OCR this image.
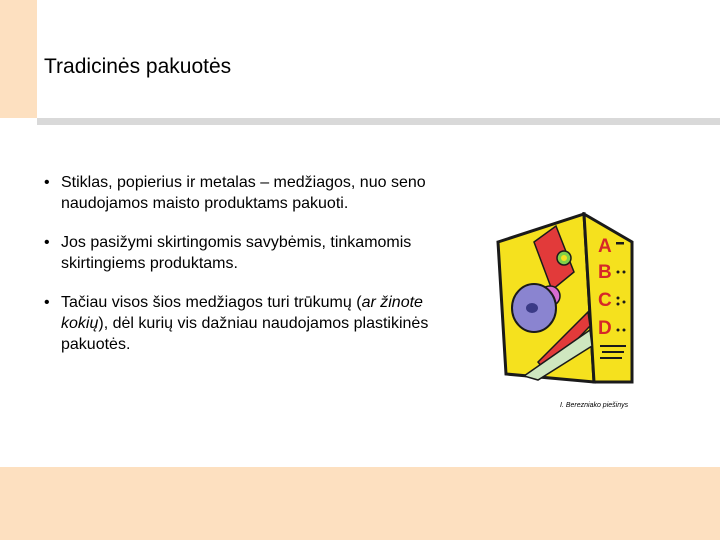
Tradicinės pakuotės
• Stiklas, popierius ir metalas – medžiagos, nuo seno naudojamos maisto produktams pakuoti.
• Jos pasižymi skirtingomis savybėmis, tinkamomis skirtingiems produktams.
• Tačiau visos šios medžiagos turi trūkumų (ar žinote kokių), dėl kurių vis dažniau naudojamos plastikinės pakuotės.
A
B
C
D
I. Berezniako piešinys
